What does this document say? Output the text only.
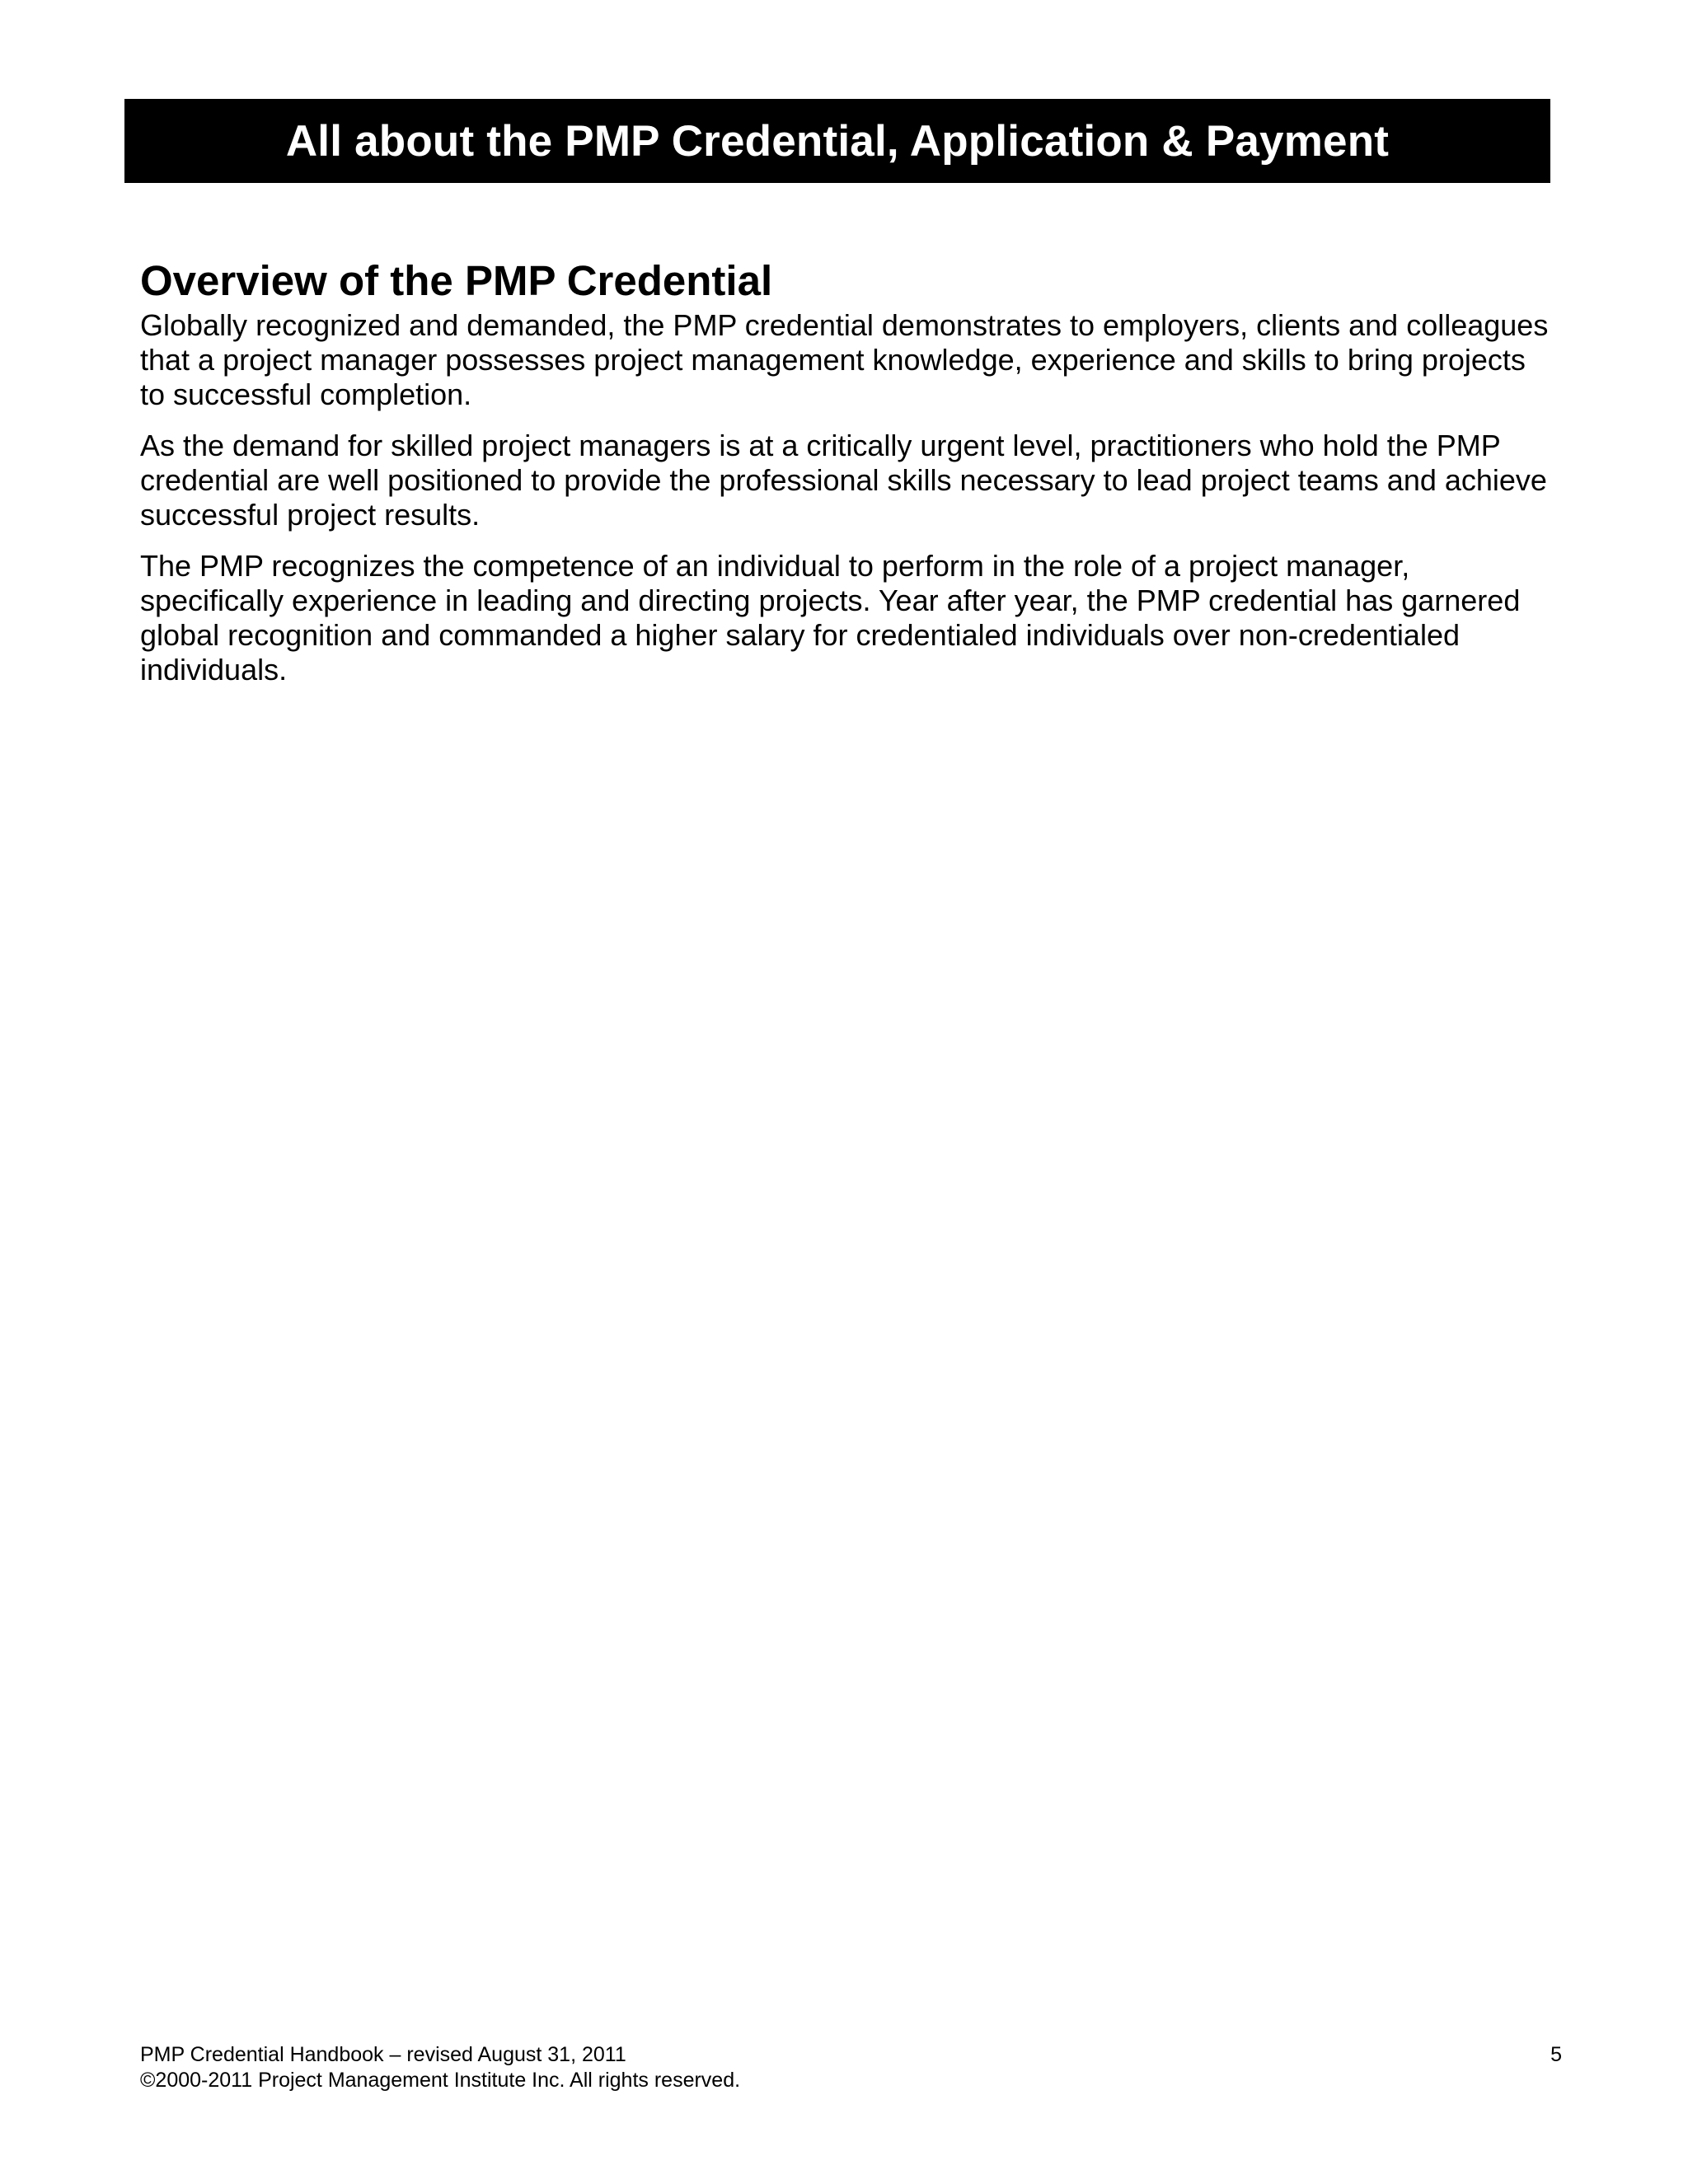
All about the PMP Credential, Application & Payment
Overview of the PMP Credential

Globally recognized and demanded, the PMP credential demonstrates to employers, clients and colleagues that a project manager possesses project management knowledge, experience and skills to bring projects to successful completion.

As the demand for skilled project managers is at a critically urgent level, practitioners who hold the PMP credential are well positioned to provide the professional skills necessary to lead project teams and achieve successful project results.

The PMP recognizes the competence of an individual to perform in the role of a project manager, specifically experience in leading and directing projects. Year after year, the PMP credential has garnered global recognition and commanded a higher salary for credentialed individuals over non-credentialed individuals.

PMP Credential Handbook – revised August 31, 2011	5
©2000-2011 Project Management Institute Inc. All rights reserved.
